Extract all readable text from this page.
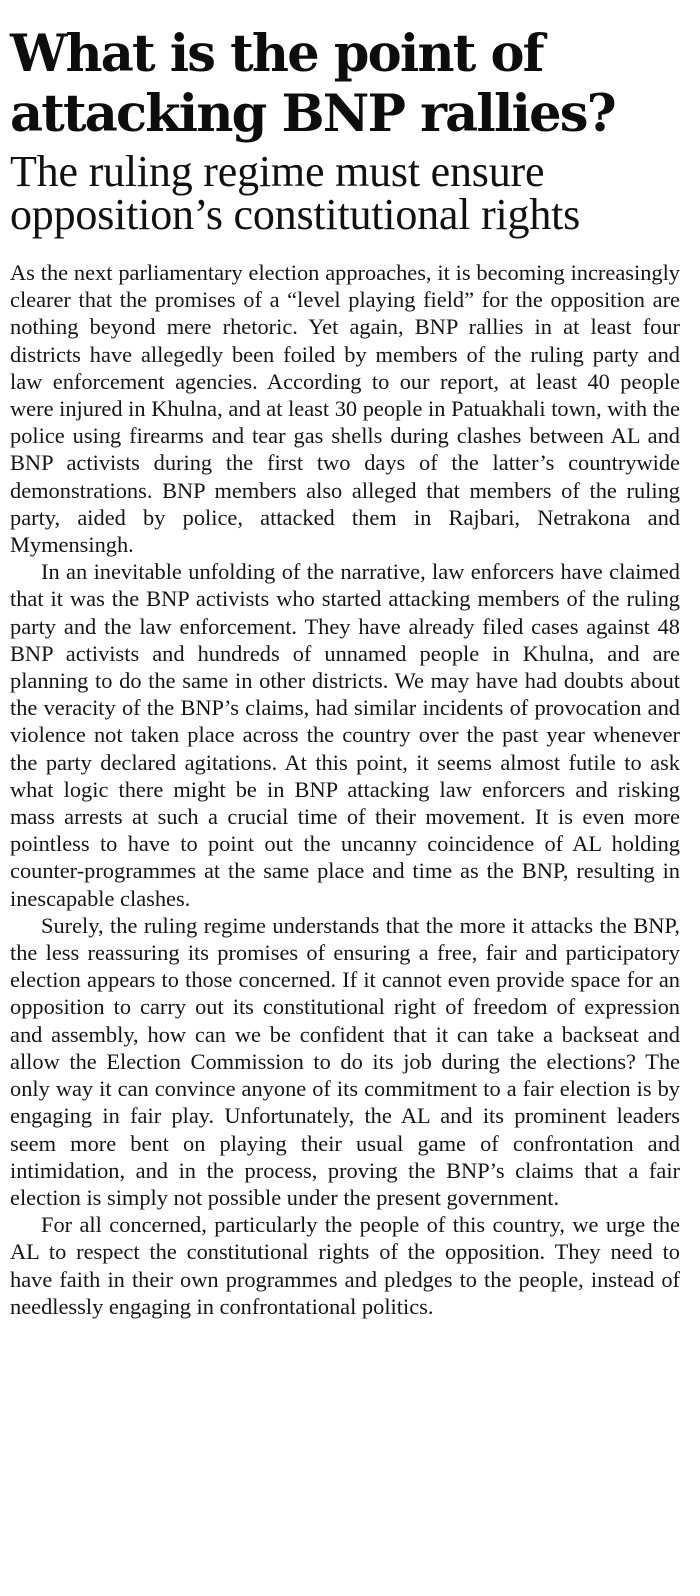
What is the point of attacking BNP rallies?
The ruling regime must ensure opposition’s constitutional rights

As the next parliamentary election approaches, it is becoming increasingly clearer that the promises of a “level playing field” for the opposition are nothing beyond mere rhetoric. Yet again, BNP rallies in at least four districts have allegedly been foiled by members of the ruling party and law enforcement agencies. According to our report, at least 40 people were injured in Khulna, and at least 30 people in Patuakhali town, with the police using firearms and tear gas shells during clashes between AL and BNP activists during the first two days of the latter’s countrywide demonstrations. BNP members also alleged that members of the ruling party, aided by police, attacked them in Rajbari, Netrakona and Mymensingh.

In an inevitable unfolding of the narrative, law enforcers have claimed that it was the BNP activists who started attacking members of the ruling party and the law enforcement. They have already filed cases against 48 BNP activists and hundreds of unnamed people in Khulna, and are planning to do the same in other districts. We may have had doubts about the veracity of the BNP’s claims, had similar incidents of provocation and violence not taken place across the country over the past year whenever the party declared agitations. At this point, it seems almost futile to ask what logic there might be in BNP attacking law enforcers and risking mass arrests at such a crucial time of their movement. It is even more pointless to have to point out the uncanny coincidence of AL holding counter-programmes at the same place and time as the BNP, resulting in inescapable clashes.

Surely, the ruling regime understands that the more it attacks the BNP, the less reassuring its promises of ensuring a free, fair and participatory election appears to those concerned. If it cannot even provide space for an opposition to carry out its constitutional right of freedom of expression and assembly, how can we be confident that it can take a backseat and allow the Election Commission to do its job during the elections? The only way it can convince anyone of its commitment to a fair election is by engaging in fair play. Unfortunately, the AL and its prominent leaders seem more bent on playing their usual game of confrontation and intimidation, and in the process, proving the BNP’s claims that a fair election is simply not possible under the present government.

For all concerned, particularly the people of this country, we urge the AL to respect the constitutional rights of the opposition. They need to have faith in their own programmes and pledges to the people, instead of needlessly engaging in confrontational politics.
